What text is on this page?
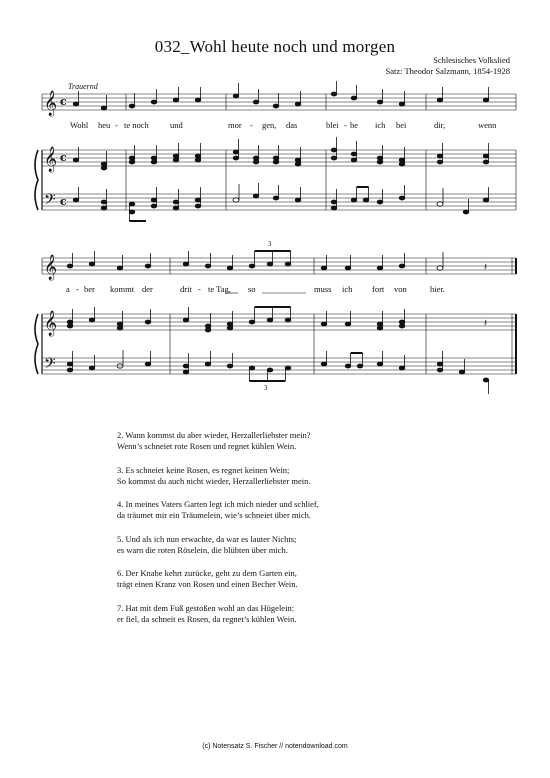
032_Wohl heute noch und morgen
Schlesisches Volkslied
Satz: Theodor Salzmann, 1854-1928
Trauernd
𝄞
𝄞
𝄢
c
c
c
Wohl heu - te noch und	mor - gen, das	blei - be ich bei	dir,	wenn
𝄞
𝄞
𝄢
𝄽
𝄽
3
3
a - ber kommt der	drit - te Tag, so	muss ich fort von	hier.
2. Wann kommst du aber wieder, Herzallerliebster mein?
Wenn’s schneiet rote Rosen und regnet kühlen Wein.
3. Es schneiet keine Rosen, es regnet keinen Wein;
So kommst du auch nicht wieder, Herzallerliebster mein.
4. In meines Vaters Garten legt ich mich nieder und schlief,
da träumet mir ein Träumelein, wie’s schneiet über mich.
5. Und als ich nun erwachte, da war es lauter Nichts;
es warn die roten Röselein, die blühten über mich.
6. Der Knabe kehrt zurücke, geht zu dem Garten ein,
trägt einen Kranz von Rosen und einen Becher Wein.
7. Hat mit dem Fuß gestoßen wohl an das Hügelein:
er fiel, da schneit es Rosen, da regnet’s kühlen Wein.
(c) Notensatz S. Fischer // notendownload.com
